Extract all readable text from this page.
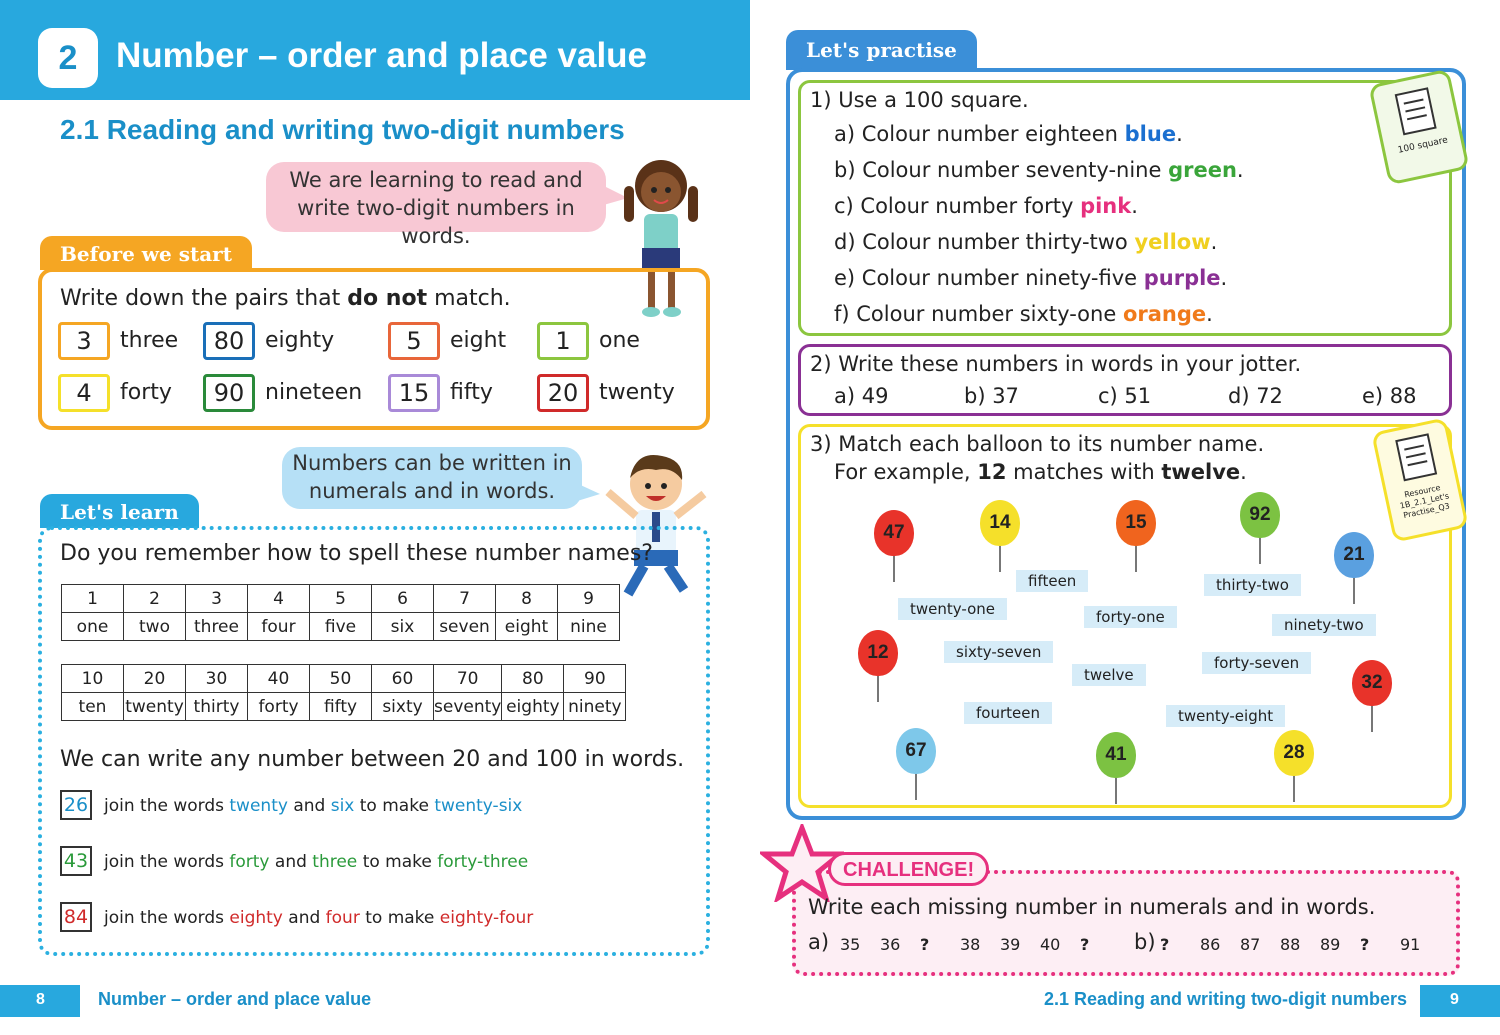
2	Number – order and place value
2.1 Reading and writing two-digit numbers
We are learning to read and write two-digit numbers in words.
Before we start
Write down the pairs that do not match.
3	three	80 eighty	5	eight	1	one
4	forty	90 nineteen	15 fifty	20 twenty
Numbers can be written in numerals and in words.
Let's learn
Do you remember how to spell these number names?
1	2	3	4	5	6	7	8	9
one	two	three	four	five	six	seven	eight	nine
10	20	30	40	50	60	70	80	90
ten	twenty	thirty	forty	fifty	sixty	seventy	eighty	ninety
We can write any number between 20 and 100 in words.
26 join the words twenty and six to make twenty-six
43 join the words forty and three to make forty-three
84 join the words eighty and four to make eighty-four
8	Number – order and place value
Let's practise
1) Use a 100 square.
a) Colour number eighteen blue.
b) Colour number seventy-nine green.
c) Colour number forty pink.
d) Colour number thirty-two yellow.
e) Colour number ninety-five purple.
f) Colour number sixty-one orange.
100 square
2) Write these numbers in words in your jotter.
a) 49	b) 37	c) 51	d) 72	e) 88
3) Match each balloon to its number name.
For example, 12 matches with twelve.
Resource 1B_2.1_Let's Practise_Q3
47	14	15	92
21
12
32
67	41	28
fifteen	thirty-two
twenty-one	forty-one	ninety-two
sixty-seven
forty-seven
twelve
fourteen	twenty-eight
CHALLENGE!
Write each missing number in numerals and in words.
a) 35 36 ? 38 39 40 ? b) ? 86 87 88 89 ? 91
9
2.1 Reading and writing two-digit numbers
